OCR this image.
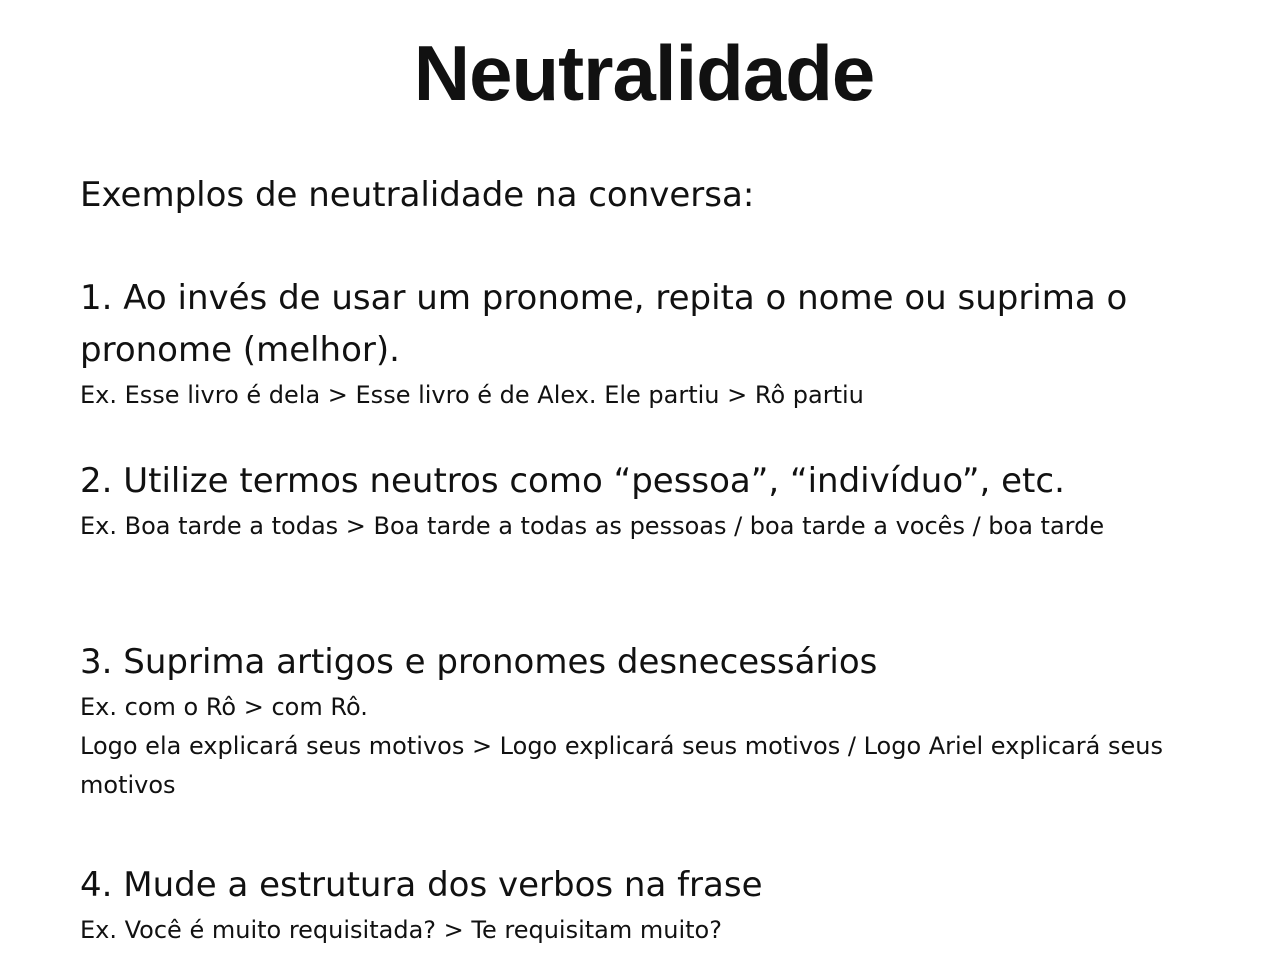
Neutralidade
Exemplos de neutralidade na conversa:

1. Ao invés de usar um pronome, repita o nome ou suprima o pronome (melhor).

Ex. Esse livro é dela > Esse livro é de Alex. Ele partiu > Rô partiu

2. Utilize termos neutros como “pessoa”, “indivíduo”, etc.

Ex. Boa tarde a todas > Boa tarde a todas as pessoas / boa tarde a vocês / boa tarde

3. Suprima artigos e pronomes desnecessários

Ex. com o Rô > com Rô.

Logo ela explicará seus motivos > Logo explicará seus motivos / Logo Ariel explicará seus motivos

4. Mude a estrutura dos verbos na frase

Ex. Você é muito requisitada? > Te requisitam muito?
